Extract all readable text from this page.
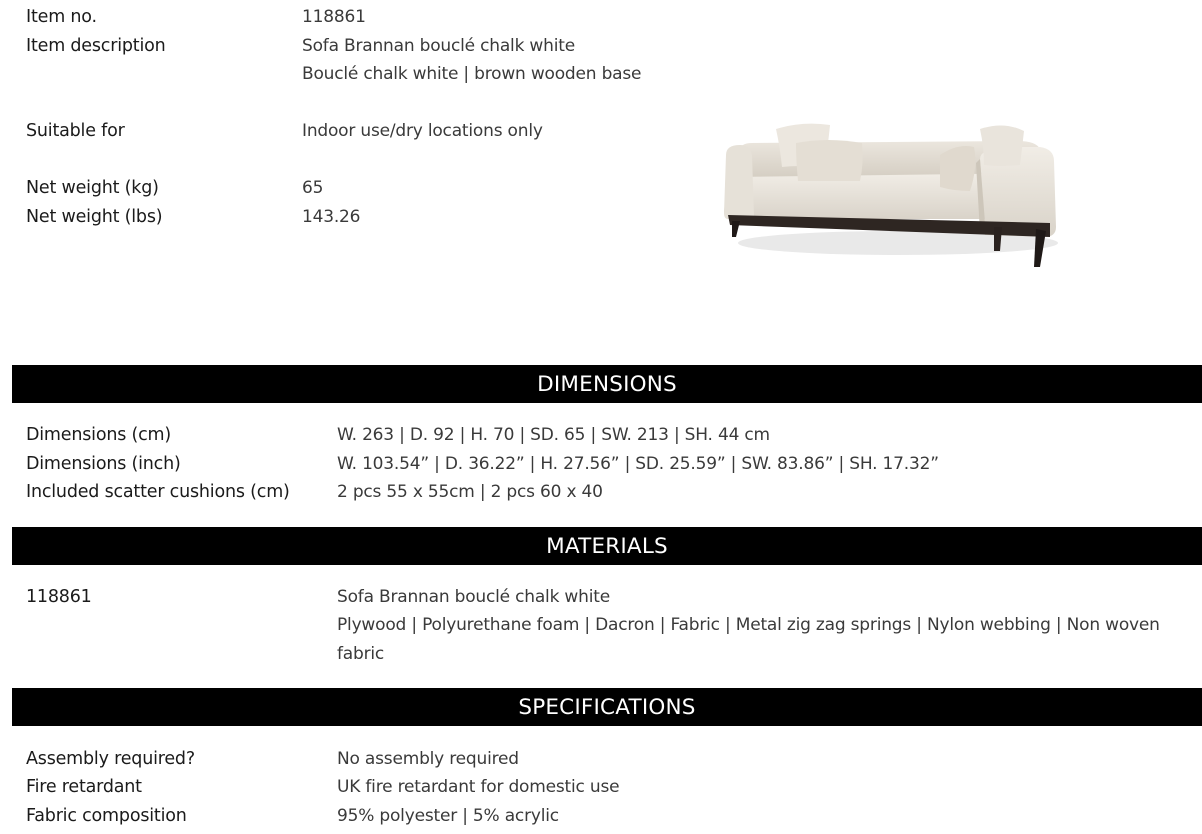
Item no.	118861
Item description	Sofa Brannan bouclé chalk white
Bouclé chalk white | brown wooden base
Suitable for	Indoor use/dry locations only
Net weight (kg)	65
Net weight (lbs)	143.26
DIMENSIONS
Dimensions (cm)	W. 263 | D. 92 | H. 70 | SD. 65 | SW. 213 | SH. 44 cm
Dimensions (inch)	W. 103.54” | D. 36.22” | H. 27.56” | SD. 25.59” | SW. 83.86” | SH. 17.32”
Included scatter cushions (cm)	2 pcs 55 x 55cm | 2 pcs 60 x 40
MATERIALS
118861	Sofa Brannan bouclé chalk white
Plywood | Polyurethane foam | Dacron | Fabric | Metal zig zag springs | Nylon webbing | Non woven
fabric
SPECIFICATIONS
Assembly required?	No assembly required
Fire retardant	UK fire retardant for domestic use
Fabric composition	95% polyester | 5% acrylic
